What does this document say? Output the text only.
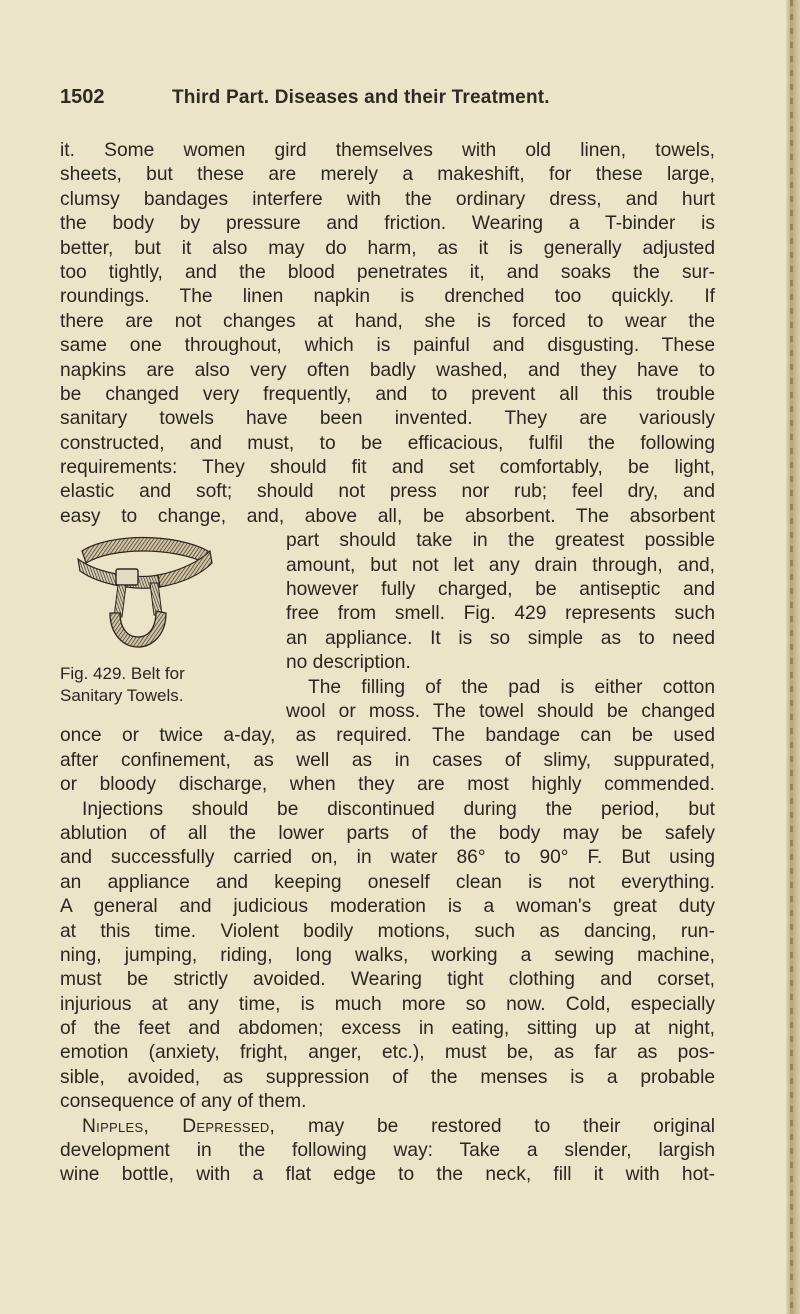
1502	Third Part. Diseases and their Treatment.
Fig. 429. Belt for
Sanitary Towels.
it. Some women gird themselves with old linen, towels,
sheets, but these are merely a makeshift, for these large,
clumsy bandages interfere with the ordinary dress, and hurt
the body by pressure and friction. Wearing a T-binder is
better, but it also may do harm, as it is generally adjusted
too tightly, and the blood penetrates it, and soaks the sur-
roundings. The linen napkin is drenched too quickly. If
there are not changes at hand, she is forced to wear the
same one throughout, which is painful and disgusting. These
napkins are also very often badly washed, and they have to
be changed very frequently, and to prevent all this trouble
sanitary towels have been invented. They are variously
constructed, and must, to be efficacious, fulfil the following
requirements: They should fit and set comfortably, be light,
elastic and soft; should not press nor rub; feel dry, and
easy to change, and, above all, be absorbent. The absorbent
part should take in the greatest possible
amount, but not let any drain through, and,
however fully charged, be antiseptic and
free from smell. Fig. 429 represents such
an appliance. It is so simple as to need
no description.
The filling of the pad is either cotton
wool or moss. The towel should be changed
once or twice a-day, as required. The bandage can be used
after confinement, as well as in cases of slimy, suppurated,
or bloody discharge, when they are most highly commended.
Injections should be discontinued during the period, but
ablution of all the lower parts of the body may be safely
and successfully carried on, in water 86° to 90° F. But using
an appliance and keeping oneself clean is not everything.
A general and judicious moderation is a woman's great duty
at this time. Violent bodily motions, such as dancing, run-
ning, jumping, riding, long walks, working a sewing machine,
must be strictly avoided. Wearing tight clothing and corset,
injurious at any time, is much more so now. Cold, especially
of the feet and abdomen; excess in eating, sitting up at night,
emotion (anxiety, fright, anger, etc.), must be, as far as pos-
sible, avoided, as suppression of the menses is a probable
consequence of any of them.
Nipples, Depressed, may be restored to their original
development in the following way: Take a slender, largish
wine bottle, with a flat edge to the neck, fill it with hot-
